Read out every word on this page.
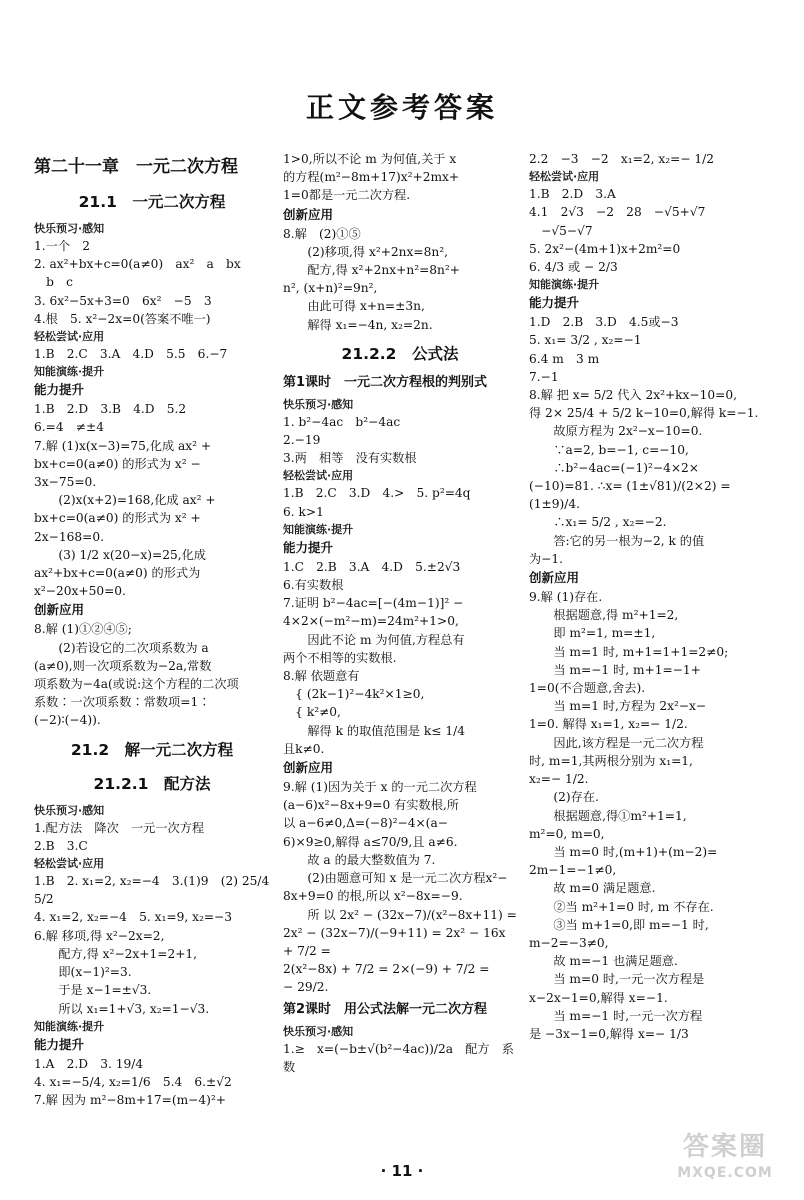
正文参考答案
第二十一章　一元二次方程
21.1　一元二次方程
快乐预习·感知
1.一个　2
2. ax²+bx+c=0(a≠0)　ax²　a　bx
　b　c
3. 6x²−5x+3=0　6x²　−5　3
4.根　5. x²−2x=0(答案不唯一)
轻松尝试·应用
1.B　2.C　3.A　4.D　5.5　6.−7
知能演练·提升
能力提升
1.B　2.D　3.B　4.D　5.2
6.=4　≠±4
7.解 (1)x(x−3)=75,化成 ax² +
bx+c=0(a≠0) 的形式为 x² −
3x−75=0.
　　(2)x(x+2)=168,化成 ax² +
bx+c=0(a≠0) 的形式为 x² +
2x−168=0.
　　(3) 1/2 x(20−x)=25,化成
ax²+bx+c=0(a≠0) 的形式为
x²−20x+50=0.
创新应用
8.解 (1)①②④⑤;
　　(2)若设它的二次项系数为 a
(a≠0),则一次项系数为−2a,常数
项系数为−4a(或说:这个方程的二次项
系数∶一次项系数∶常数项=1∶
(−2)∶(−4)).
21.2　解一元二次方程
21.2.1　配方法
快乐预习·感知
1.配方法　降次　一元一次方程
2.B　3.C
轻松尝试·应用
1.B　2. x₁=2, x₂=−4　3.(1)9　(2) 25/4　5/2
4. x₁=2, x₂=−4　5. x₁=9, x₂=−3
6.解 移项,得 x²−2x=2,
　　配方,得 x²−2x+1=2+1,
　　即(x−1)²=3.
　　于是 x−1=±√3.
　　所以 x₁=1+√3, x₂=1−√3.
知能演练·提升
能力提升
1.A　2.D　3. 19/4
4. x₁=−5/4, x₂=1/6　5.4　6.±√2
7.解 因为 m²−8m+17=(m−4)²+
1>0,所以不论 m 为何值,关于 x
的方程(m²−8m+17)x²+2mx+
1=0都是一元二次方程.
创新应用
8.解　(2)①⑤
　　(2)移项,得 x²+2nx=8n²,
　　配方,得 x²+2nx+n²=8n²+
n², (x+n)²=9n²,
　　由此可得 x+n=±3n,
　　解得 x₁=−4n, x₂=2n.
21.2.2　公式法
第1课时　一元二次方程根的判别式
快乐预习·感知
1. b²−4ac　b²−4ac
2.−19
3.两　相等　没有实数根
轻松尝试·应用
1.B　2.C　3.D　4.>　5. p²=4q
6. k>1
知能演练·提升
能力提升
1.C　2.B　3.A　4.D　5.±2√3
6.有实数根
7.证明 b²−4ac=[−(4m−1)]² −
4×2×(−m²−m)=24m²+1>0,
　　因此不论 m 为何值,方程总有
两个不相等的实数根.
8.解 依题意有
　{ (2k−1)²−4k²×1≥0,
　{ k²≠0,
　　解得 k 的取值范围是 k≤ 1/4
且k≠0.
创新应用
9.解 (1)因为关于 x 的一元二次方程
(a−6)x²−8x+9=0 有实数根,所
以 a−6≠0,Δ=(−8)²−4×(a−
6)×9≥0,解得 a≤70/9,且 a≠6.
　　故 a 的最大整数值为 7.
　　(2)由题意可知 x 是一元二次方程x²−
8x+9=0 的根,所以 x²−8x=−9.
　　所 以 2x² − (32x−7)/(x²−8x+11) =
2x² − (32x−7)/(−9+11) = 2x² − 16x + 7/2 =
2(x²−8x) + 7/2 = 2×(−9) + 7/2 =
− 29/2.
第2课时　用公式法解一元二次方程
快乐预习·感知
1.≥　x=(−b±√(b²−4ac))/2a　配方　系数
2.2　−3　−2　x₁=2, x₂=− 1/2
轻松尝试·应用
1.B　2.D　3.A
4.1　2√3　−2　28　−√5+√7
　−√5−√7
5. 2x²−(4m+1)x+2m²=0
6. 4/3 或 − 2/3
知能演练·提升
能力提升
1.D　2.B　3.D　4.5或−3
5. x₁= 3/2 , x₂=−1
6.4 m　3 m
7.−1
8.解 把 x= 5/2 代入 2x²+kx−10=0,
得 2× 25/4 + 5/2 k−10=0,解得 k=−1.
　　故原方程为 2x²−x−10=0.
　　∵a=2, b=−1, c=−10,
　　∴b²−4ac=(−1)²−4×2×
(−10)=81. ∴x= (1±√81)/(2×2) = (1±9)/4.
　　∴x₁= 5/2 , x₂=−2.
　　答:它的另一根为−2, k 的值
为−1.
创新应用
9.解 (1)存在.
　　根据题意,得 m²+1=2,
　　即 m²=1, m=±1,
　　当 m=1 时, m+1=1+1=2≠0;
　　当 m=−1 时, m+1=−1+
1=0(不合题意,舍去).
　　当 m=1 时,方程为 2x²−x−
1=0. 解得 x₁=1, x₂=− 1/2.
　　因此,该方程是一元二次方程
时, m=1,其两根分别为 x₁=1,
x₂=− 1/2.
　　(2)存在.
　　根据题意,得①m²+1=1,
m²=0, m=0,
　　当 m=0 时,(m+1)+(m−2)=
2m−1=−1≠0,
　　故 m=0 满足题意.
　　②当 m²+1=0 时, m 不存在.
　　③当 m+1=0,即 m=−1 时,
m−2=−3≠0,
　　故 m=−1 也满足题意.
　　当 m=0 时,一元一次方程是
x−2x−1=0,解得 x=−1.
　　当 m=−1 时,一元一次方程
是 −3x−1=0,解得 x=− 1/3
· 11 ·
答案圈
MXQE.COM
